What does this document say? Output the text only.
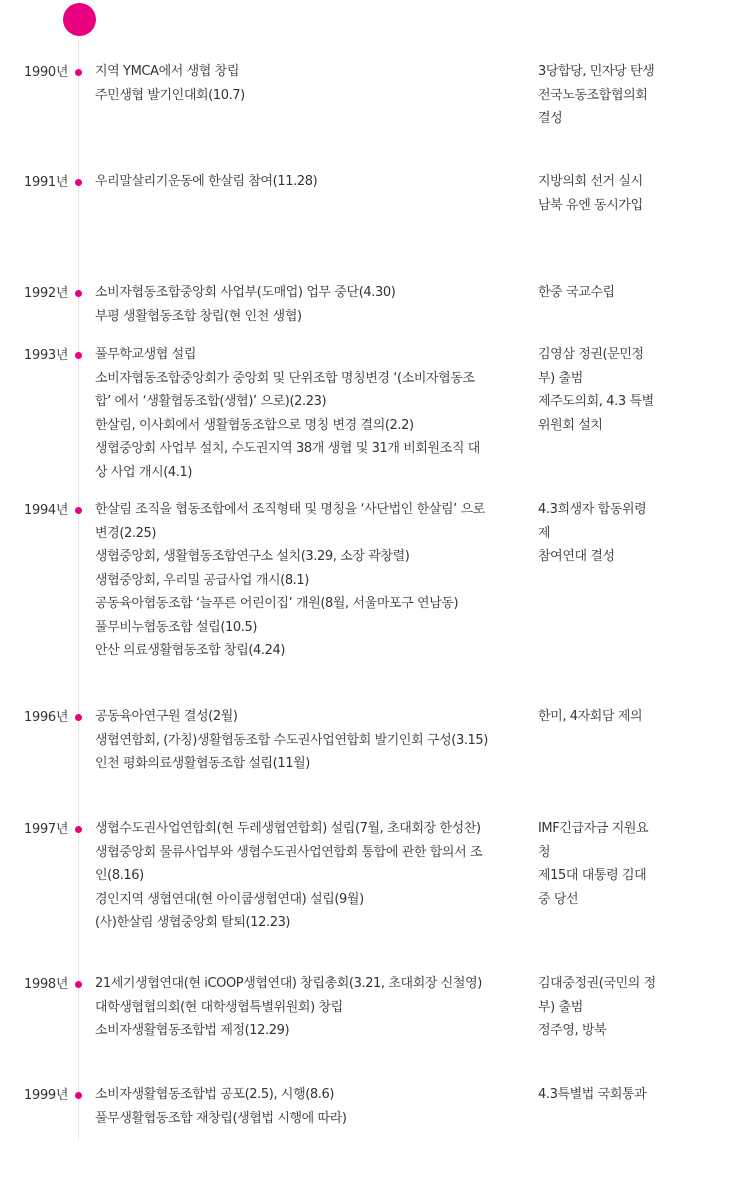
1990년 지역 YMCA에서 생협 창립
주민생협 발기인대회(10.7)
3당합당, 민자당 탄생
전국노동조합협의회 결성
1991년 우리말살리기운동에 한살림 참여(11.28)	지방의회 선거 실시
남북 유엔 동시가입
1992년 소비자협동조합중앙회 사업부(도매업) 업무 중단(4.30)
부평 생활협동조합 창립(현 인천 생협)
한중 국교수립
1993년 풀무학교생협 설립
소비자협동조합중앙회가 중앙회 및 단위조합 명칭변경 ‘(소비자협동조합’ 에서 ‘생활협동조합(생협)’ 으로)(2.23)
한살림, 이사회에서 생활협동조합으로 명칭 변경 결의(2.2)
생협중앙회 사업부 설치, 수도권지역 38개 생협 및 31개 비회원조직 대상 사업 개시(4.1)
김영삼 정권(문민정부) 출범
제주도의회, 4.3 특별위원회 설치
1994년 한살림 조직을 협동조합에서 조직형태 및 명칭을 ‘사단법인 한살림’ 으로 변경(2.25)
생협중앙회, 생활협동조합연구소 설치(3.29, 소장 곽창렬)
생협중앙회, 우리밀 공급사업 개시(8.1)
공동육아협동조합 ‘늘푸른 어린이집’ 개원(8월, 서울마포구 연남동)
풀무비누협동조합 설립(10.5)
안산 의료생활협동조합 창립(4.24)
4.3희생자 합동위령제
참여연대 결성
1996년 공동육아연구원 결성(2월)
생협연합회, (가칭)생활협동조합 수도권사업연합회 발기인회 구성(3.15)
인천 평화의료생활협동조합 설립(11월)
한미, 4자회담 제의
1997년 생협수도권사업연합회(현 두레생협연합회) 설립(7월, 초대회장 한성찬)
생협중앙회 물류사업부와 생협수도권사업연합회 통합에 관한 합의서 조인(8.16)
경인지역 생협연대(현 아이쿱생협연대) 설립(9월)
(사)한살림 생협중앙회 탈퇴(12.23)
IMF긴급자금 지원요청
제15대 대통령 김대중 당선
1998년 21세기생협연대(현 iCOOP생협연대) 창립총회(3.21, 초대회장 신철영)
대학생협협의회(현 대학생협특별위원회) 창립
소비자생활협동조합법 제정(12.29)
김대중정권(국민의 정부) 출범
정주영, 방북
1999년 소비자생활협동조합법 공포(2.5), 시행(8.6)
풀무생활협동조합 재창립(생협법 시행에 따라)
4.3특별법 국회통과
